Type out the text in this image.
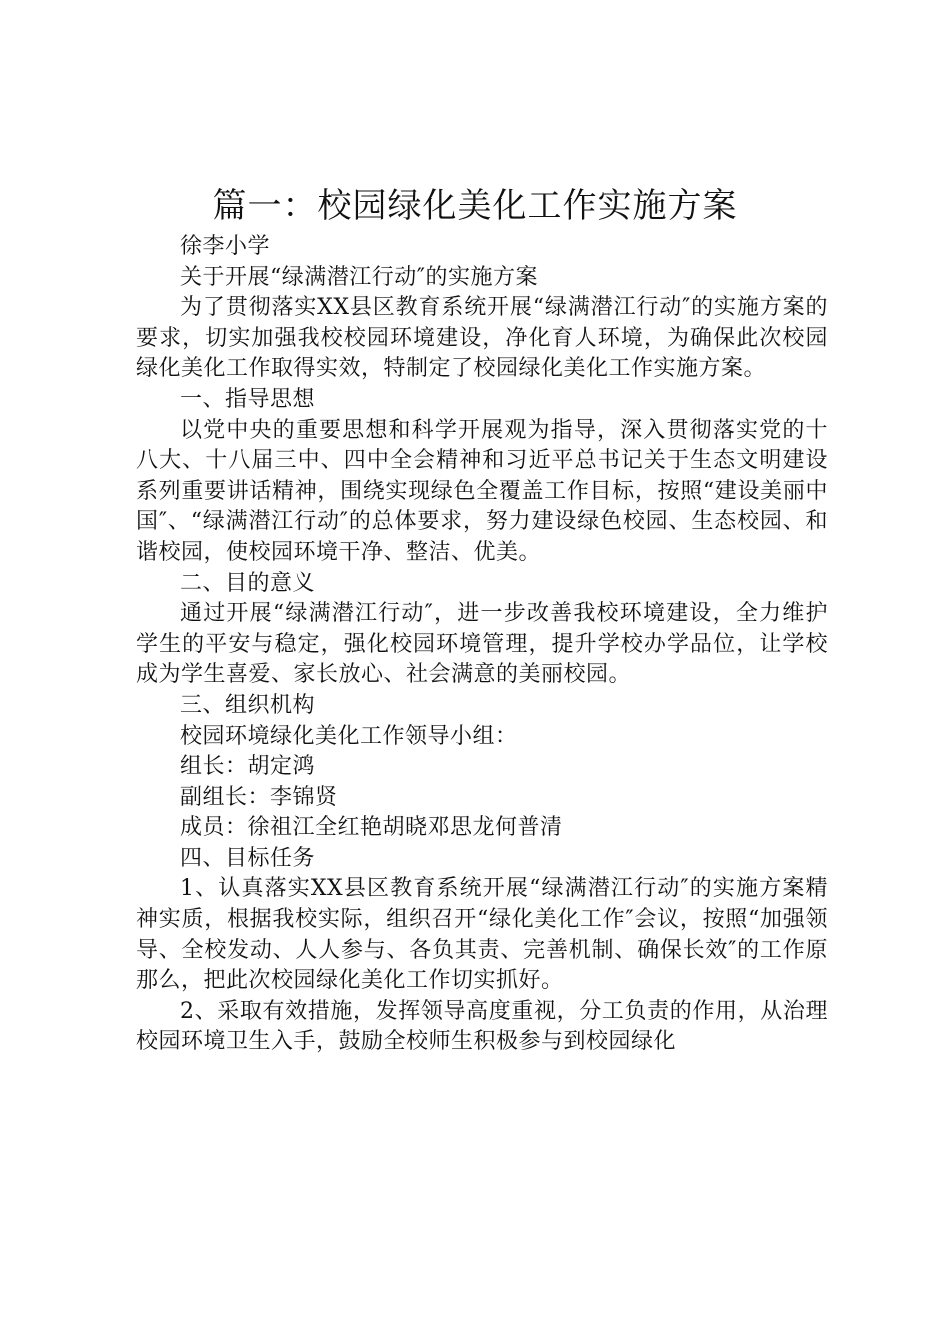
篇一：校园绿化美化工作实施方案

徐李小学

关于开展“绿满潜江行动″的实施方案

为了贯彻落实XX县区教育系统开展“绿满潜江行动″的实施方案的要求，切实加强我校校园环境建设，净化育人环境，为确保此次校园绿化美化工作取得实效，特制定了校园绿化美化工作实施方案。

一、指导思想

以党中央的重要思想和科学开展观为指导，深入贯彻落实党的十八大、十八届三中、四中全会精神和习近平总书记关于生态文明建设系列重要讲话精神，围绕实现绿色全覆盖工作目标，按照“建设美丽中国″、“绿满潜江行动″的总体要求，努力建设绿色校园、生态校园、和谐校园，使校园环境干净、整洁、优美。

二、目的意义

通过开展“绿满潜江行动″，进一步改善我校环境建设，全力维护学生的平安与稳定，强化校园环境管理，提升学校办学品位，让学校成为学生喜爱、家长放心、社会满意的美丽校园。

三、组织机构

校园环境绿化美化工作领导小组：

组长：胡定鸿

副组长：李锦贤

成员：徐祖江全红艳胡晓邓思龙何普清

四、目标任务

1、认真落实XX县区教育系统开展“绿满潜江行动″的实施方案精神实质，根据我校实际，组织召开“绿化美化工作″会议，按照“加强领导、全校发动、人人参与、各负其责、完善机制、确保长效″的工作原那么，把此次校园绿化美化工作切实抓好。

2、采取有效措施，发挥领导高度重视，分工负责的作用，从治理校园环境卫生入手，鼓励全校师生积极参与到校园绿化
